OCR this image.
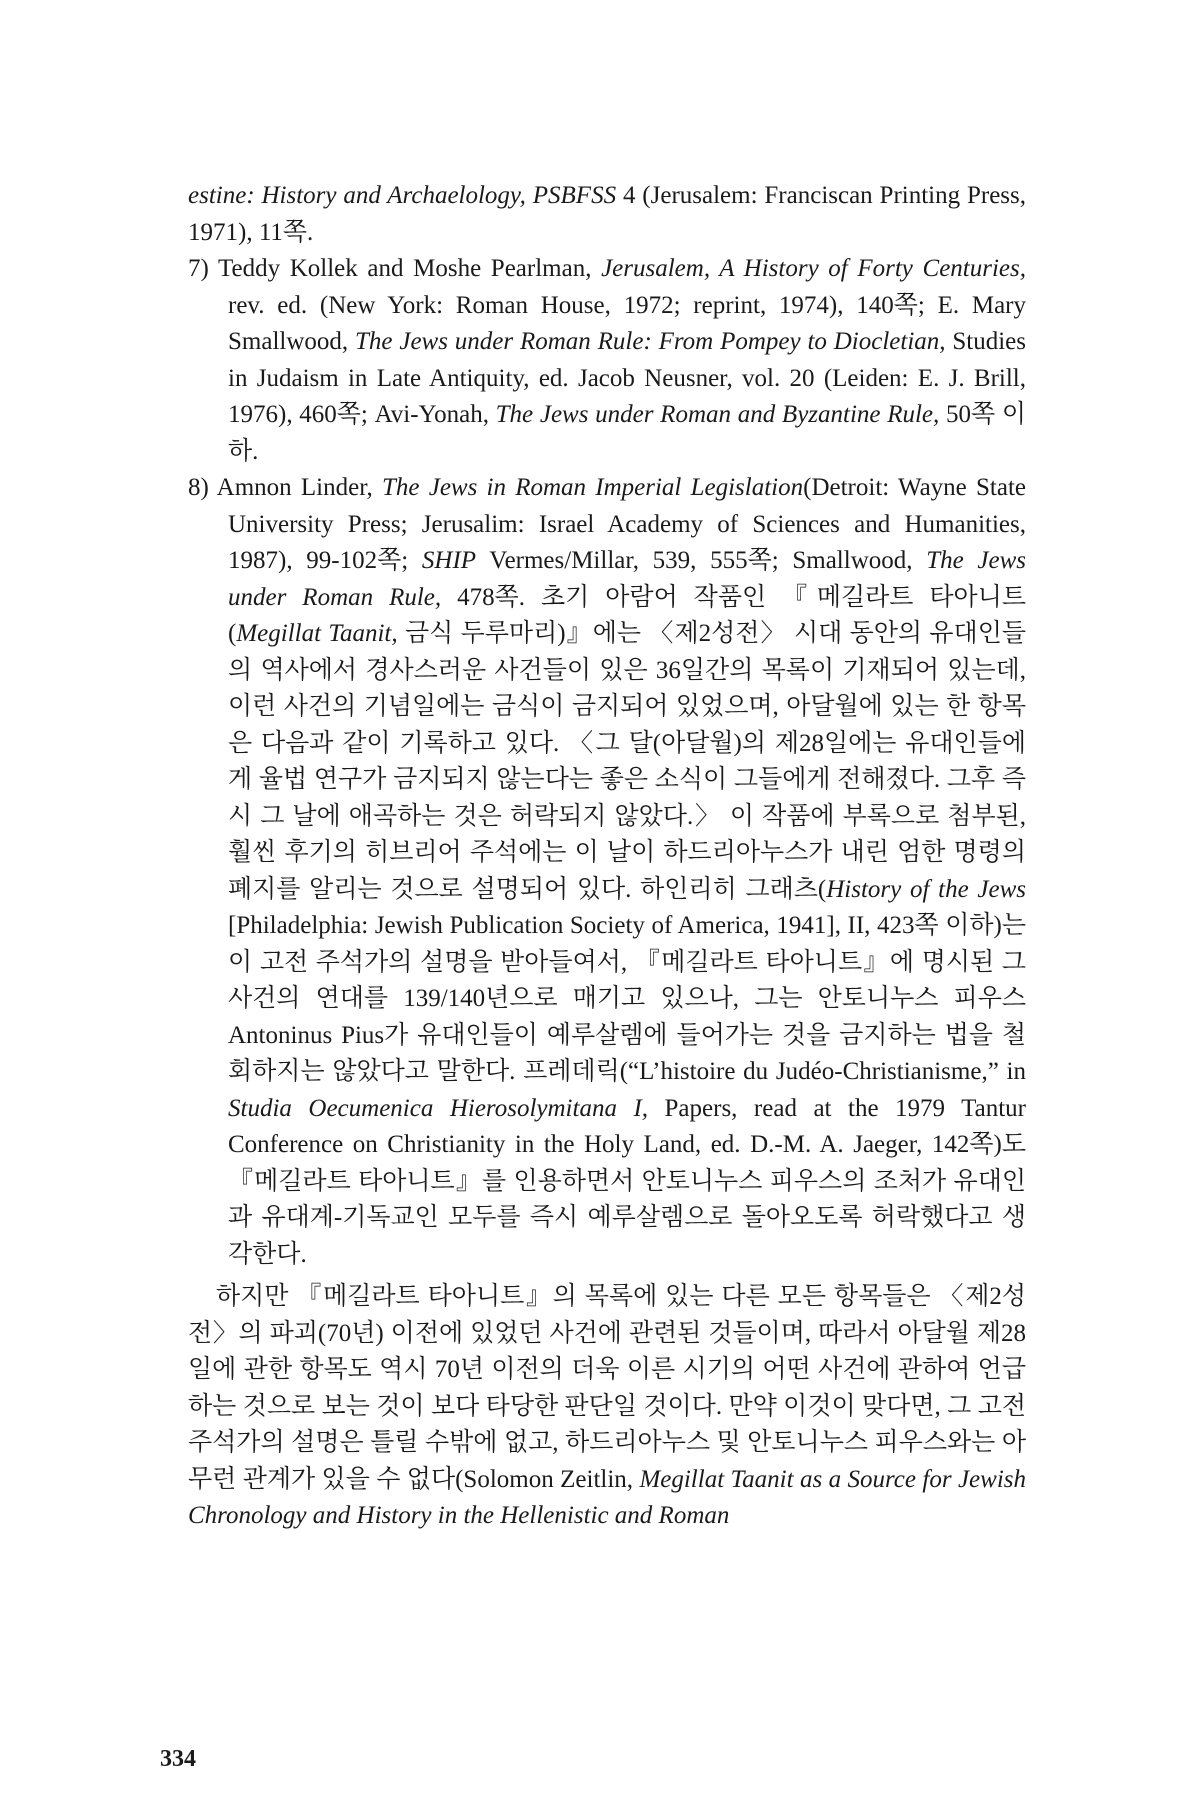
estine: History and Archaelology, PSBFSS 4 (Jerusalem: Franciscan Printing Press, 1971), 11쪽.

7) Teddy Kollek and Moshe Pearlman, Jerusalem, A History of Forty Centuries, rev. ed. (New York: Roman House, 1972; reprint, 1974), 140쪽; E. Mary Smallwood, The Jews under Roman Rule: From Pompey to Diocletian, Studies in Judaism in Late Antiquity, ed. Jacob Neusner, vol. 20 (Leiden: E. J. Brill, 1976), 460쪽; Avi-Yonah, The Jews under Roman and Byzantine Rule, 50쪽 이하.

8) Amnon Linder, The Jews in Roman Imperial Legislation(Detroit: Wayne State University Press; Jerusalim: Israel Academy of Sciences and Humanities, 1987), 99-102쪽; SHIP Vermes/Millar, 539, 555쪽; Smallwood, The Jews under Roman Rule, 478쪽. 초기 아람어 작품인 『메길라트 타아니트(Megillat Taanit, 금식 두루마리)』에는 〈제2성전〉 시대 동안의 유대인들의 역사에서 경사스러운 사건들이 있은 36일간의 목록이 기재되어 있는데, 이런 사건의 기념일에는 금식이 금지되어 있었으며, 아달월에 있는 한 항목은 다음과 같이 기록하고 있다. 〈그 달(아달월)의 제28일에는 유대인들에게 율법 연구가 금지되지 않는다는 좋은 소식이 그들에게 전해졌다. 그후 즉시 그 날에 애곡하는 것은 허락되지 않았다.〉 이 작품에 부록으로 첨부된, 훨씬 후기의 히브리어 주석에는 이 날이 하드리아누스가 내린 엄한 명령의 폐지를 알리는 것으로 설명되어 있다. 하인리히 그래츠(History of the Jews [Philadelphia: Jewish Publication Society of America, 1941], II, 423쪽 이하)는 이 고전 주석가의 설명을 받아들여서, 『메길라트 타아니트』에 명시된 그 사건의 연대를 139/140년으로 매기고 있으나, 그는 안토니누스 피우스 Antoninus Pius가 유대인들이 예루살렘에 들어가는 것을 금지하는 법을 철회하지는 않았다고 말한다. 프레데릭(“L’histoire du Judéo-Christianisme,” in Studia Oecumenica Hierosolymitana I, Papers, read at the 1979 Tantur Conference on Christianity in the Holy Land, ed. D.-M. A. Jaeger, 142쪽)도 『메길라트 타아니트』를 인용하면서 안토니누스 피우스의 조처가 유대인과 유대계-기독교인 모두를 즉시 예루살렘으로 돌아오도록 허락했다고 생각한다.

하지만 『메길라트 타아니트』의 목록에 있는 다른 모든 항목들은 〈제2성전〉의 파괴(70년) 이전에 있었던 사건에 관련된 것들이며, 따라서 아달월 제28일에 관한 항목도 역시 70년 이전의 더욱 이른 시기의 어떤 사건에 관하여 언급하는 것으로 보는 것이 보다 타당한 판단일 것이다. 만약 이것이 맞다면, 그 고전 주석가의 설명은 틀릴 수밖에 없고, 하드리아누스 및 안토니누스 피우스와는 아무런 관계가 있을 수 없다(Solomon Zeitlin, Megillat Taanit as a Source for Jewish Chronology and History in the Hellenistic and Roman

334
